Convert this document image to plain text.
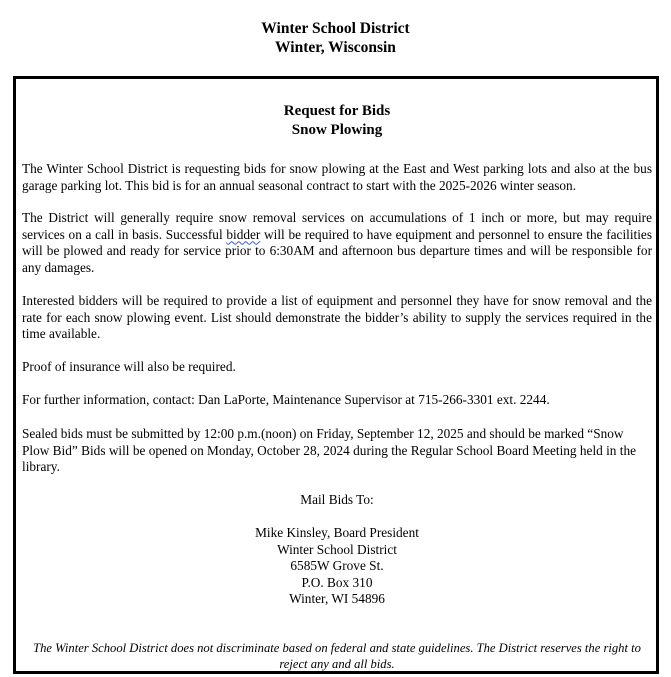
Winter School District
Winter, Wisconsin
Request for Bids
Snow Plowing
The Winter School District is requesting bids for snow plowing at the East and West parking lots and also at the bus garage parking lot. This bid is for an annual seasonal contract to start with the 2025-2026 winter season.
The District will generally require snow removal services on accumulations of 1 inch or more, but may require services on a call in basis. Successful bidder will be required to have equipment and personnel to ensure the facilities will be plowed and ready for service prior to 6:30AM and afternoon bus departure times and will be responsible for any damages.
Interested bidders will be required to provide a list of equipment and personnel they have for snow removal and the rate for each snow plowing event. List should demonstrate the bidder’s ability to supply the services required in the time available.
Proof of insurance will also be required.
For further information, contact: Dan LaPorte, Maintenance Supervisor at 715-266-3301 ext. 2244.
Sealed bids must be submitted by 12:00 p.m.(noon) on Friday, September 12, 2025 and should be marked “Snow Plow Bid” Bids will be opened on Monday, October 28, 2024 during the Regular School Board Meeting held in the library.
Mail Bids To:
Mike Kinsley, Board President
Winter School District
6585W Grove St.
P.O. Box 310
Winter, WI 54896
The Winter School District does not discriminate based on federal and state guidelines. The District reserves the right to reject any and all bids.
